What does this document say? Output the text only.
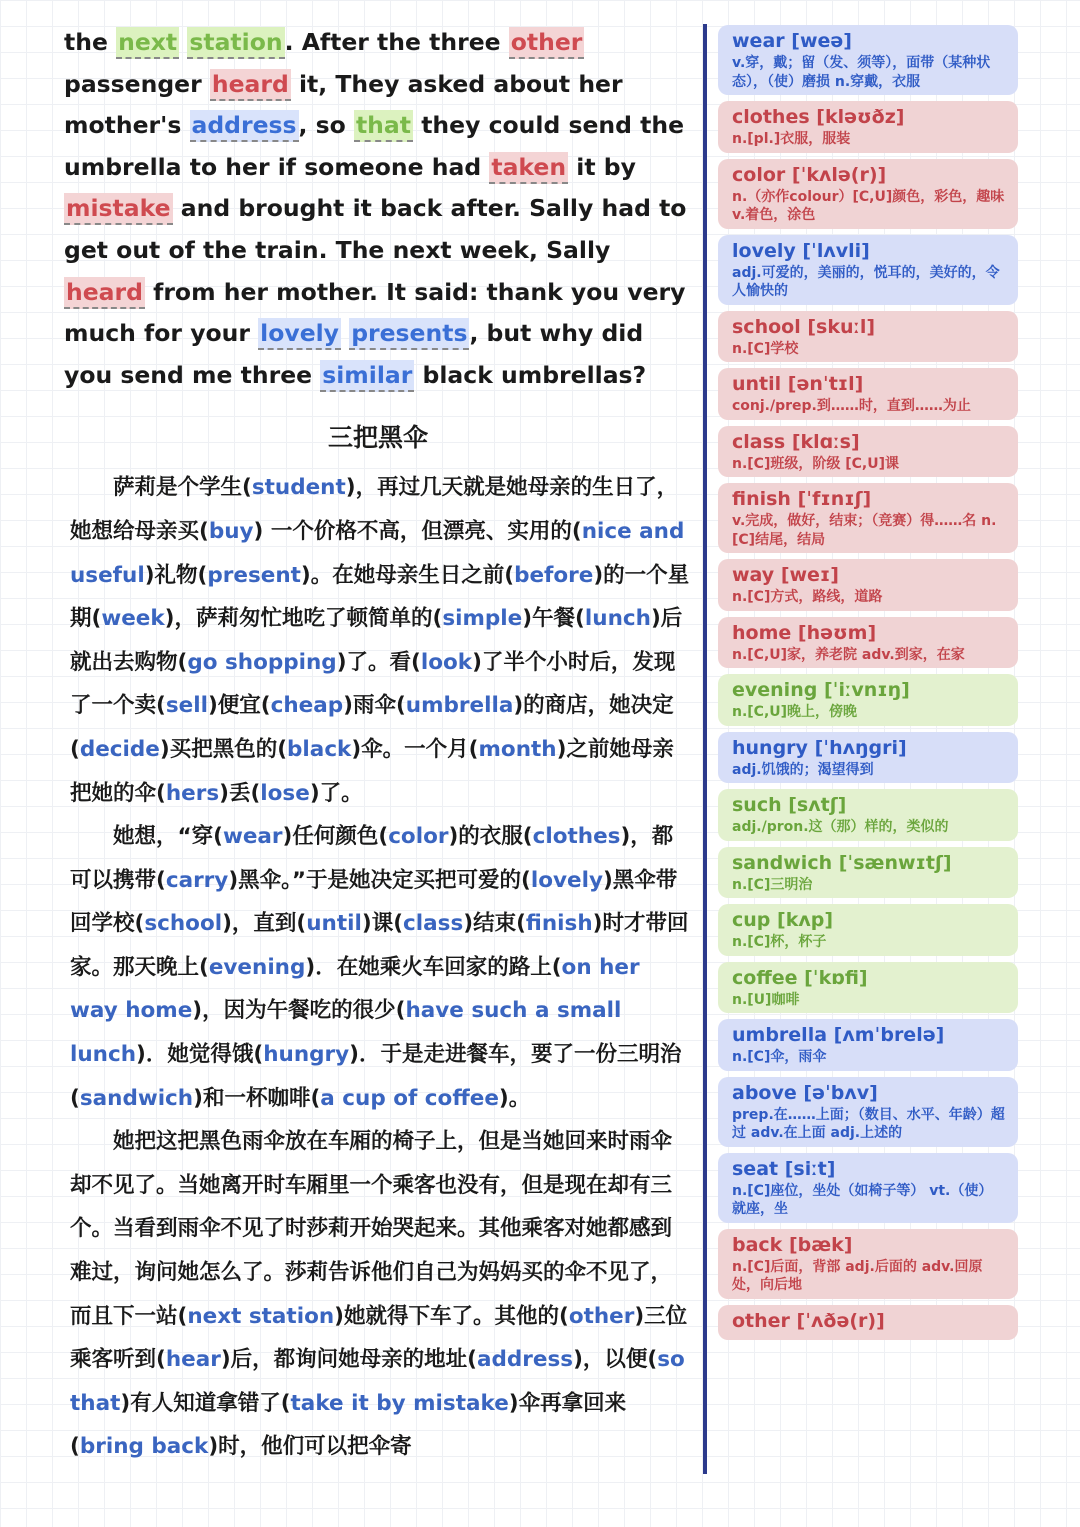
the next station. After the three other passenger heard it, They asked about her mother's address, so that they could send the umbrella to her if someone had taken it by mistake and brought it back after. Sally had to get out of the train. The next week, Sally heard from her mother. It said: thank you very much for your lovely presents, but why did you send me three similar black umbrellas?
三把黑伞

萨莉是个学生(student)，再过几天就是她母亲的生日了，她想给母亲买(buy) 一个价格不高，但漂亮、实用的(nice and useful)礼物(present)。在她母亲生日之前(before)的一个星期(week)，萨莉匆忙地吃了顿简单的(simple)午餐(lunch)后就出去购物(go shopping)了。看(look)了半个小时后，发现了一个卖(sell)便宜(cheap)雨伞(umbrella)的商店，她决定(decide)买把黑色的(black)伞。一个月(month)之前她母亲把她的伞(hers)丢(lose)了。

她想，“穿(wear)任何颜色(color)的衣服(clothes)，都可以携带(carry)黑伞。”于是她决定买把可爱的(lovely)黑伞带回学校(school)，直到(until)课(class)结束(finish)时才带回家。那天晚上(evening)．在她乘火车回家的路上(on her way home)，因为午餐吃的很少(have such a small lunch)．她觉得饿(hungry)．于是走进餐车，要了一份三明治(sandwich)和一杯咖啡(a cup of coffee)。

她把这把黑色雨伞放在车厢的椅子上，但是当她回来时雨伞却不见了。当她离开时车厢里一个乘客也没有，但是现在却有三个。当看到雨伞不见了时莎莉开始哭起来。其他乘客对她都感到难过，询问她怎么了。莎莉告诉他们自己为妈妈买的伞不见了，而且下一站(next station)她就得下车了。其他的(other)三位乘客听到(hear)后，都询问她母亲的地址(address)，以便(so that)有人知道拿错了(take it by mistake)伞再拿回来(bring back)时，他们可以把伞寄

wear [weə]
v.穿，戴；留（发、须等），面带（某种状态），（使）磨损 n.穿戴，衣服
clothes [kləʊðz]
n.[pl.]衣服，服装
color [ˈkʌlə(r)]
n.（亦作colour）[C,U]颜色，彩色，趣味 v.着色，涂色
lovely [ˈlʌvli]
adj.可爱的，美丽的，悦耳的，美好的，令人愉快的
school [skuːl]
n.[C]学校
until [ənˈtɪl]
conj./prep.到……时，直到……为止
class [klɑːs]
n.[C]班级，阶级 [C,U]课
finish [ˈfɪnɪʃ]
v.完成，做好，结束；（竞赛）得……名 n.[C]结尾，结局
way [weɪ]
n.[C]方式，路线，道路
home [həʊm]
n.[C,U]家，养老院 adv.到家，在家
evening [ˈiːvnɪŋ]
n.[C,U]晚上，傍晚
hungry [ˈhʌŋgri]
adj.饥饿的；渴望得到
such [sʌtʃ]
adj./pron.这（那）样的，类似的
sandwich [ˈsænwɪtʃ]
n.[C]三明治
cup [kʌp]
n.[C]杯，杯子
coffee [ˈkɒfi]
n.[U]咖啡
umbrella [ʌmˈbrelə]
n.[C]伞，雨伞
above [əˈbʌv]
prep.在……上面；（数目、水平、年龄）超过 adv.在上面 adj.上述的
seat [siːt]
n.[C]座位，坐处（如椅子等） vt.（使）就座，坐
back [bæk]
n.[C]后面，背部 adj.后面的 adv.回原处，向后地
other [ˈʌðə(r)]
